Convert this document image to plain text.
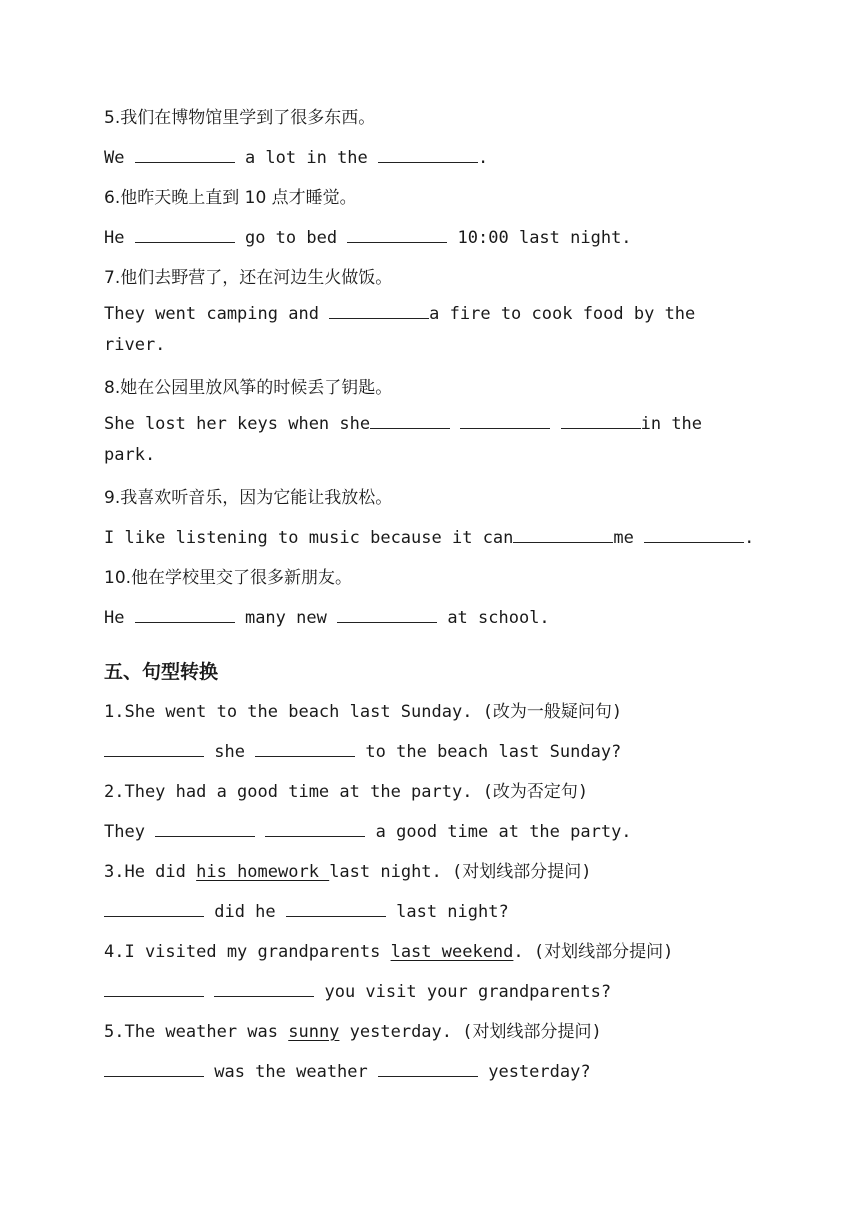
5.我们在博物馆里学到了很多东西。
We	a lot in the	.
6.他昨天晚上直到 10 点才睡觉。
He	go to bed	10:00 last night.
7.他们去野营了，还在河边生火做饭。
They went camping and	a fire to cook food by the
river.
8.她在公园里放风筝的时候丢了钥匙。
She lost her keys when she	in the
park.
9.我喜欢听音乐，因为它能让我放松。
I like listening to music because it can	me	.
10.他在学校里交了很多新朋友。
He	many new	at school.
五、句型转换
1.She went to the beach last Sunday. (改为一般疑问句)
she	to the beach last Sunday?
2.They had a good time at the party. (改为否定句)
They	a good time at the party.
3.He did his homework last night. (对划线部分提问)
did he	last night?
4.I visited my grandparents last weekend. (对划线部分提问)
you visit your grandparents?
5.The weather was sunny yesterday. (对划线部分提问)
was the weather	yesterday?
